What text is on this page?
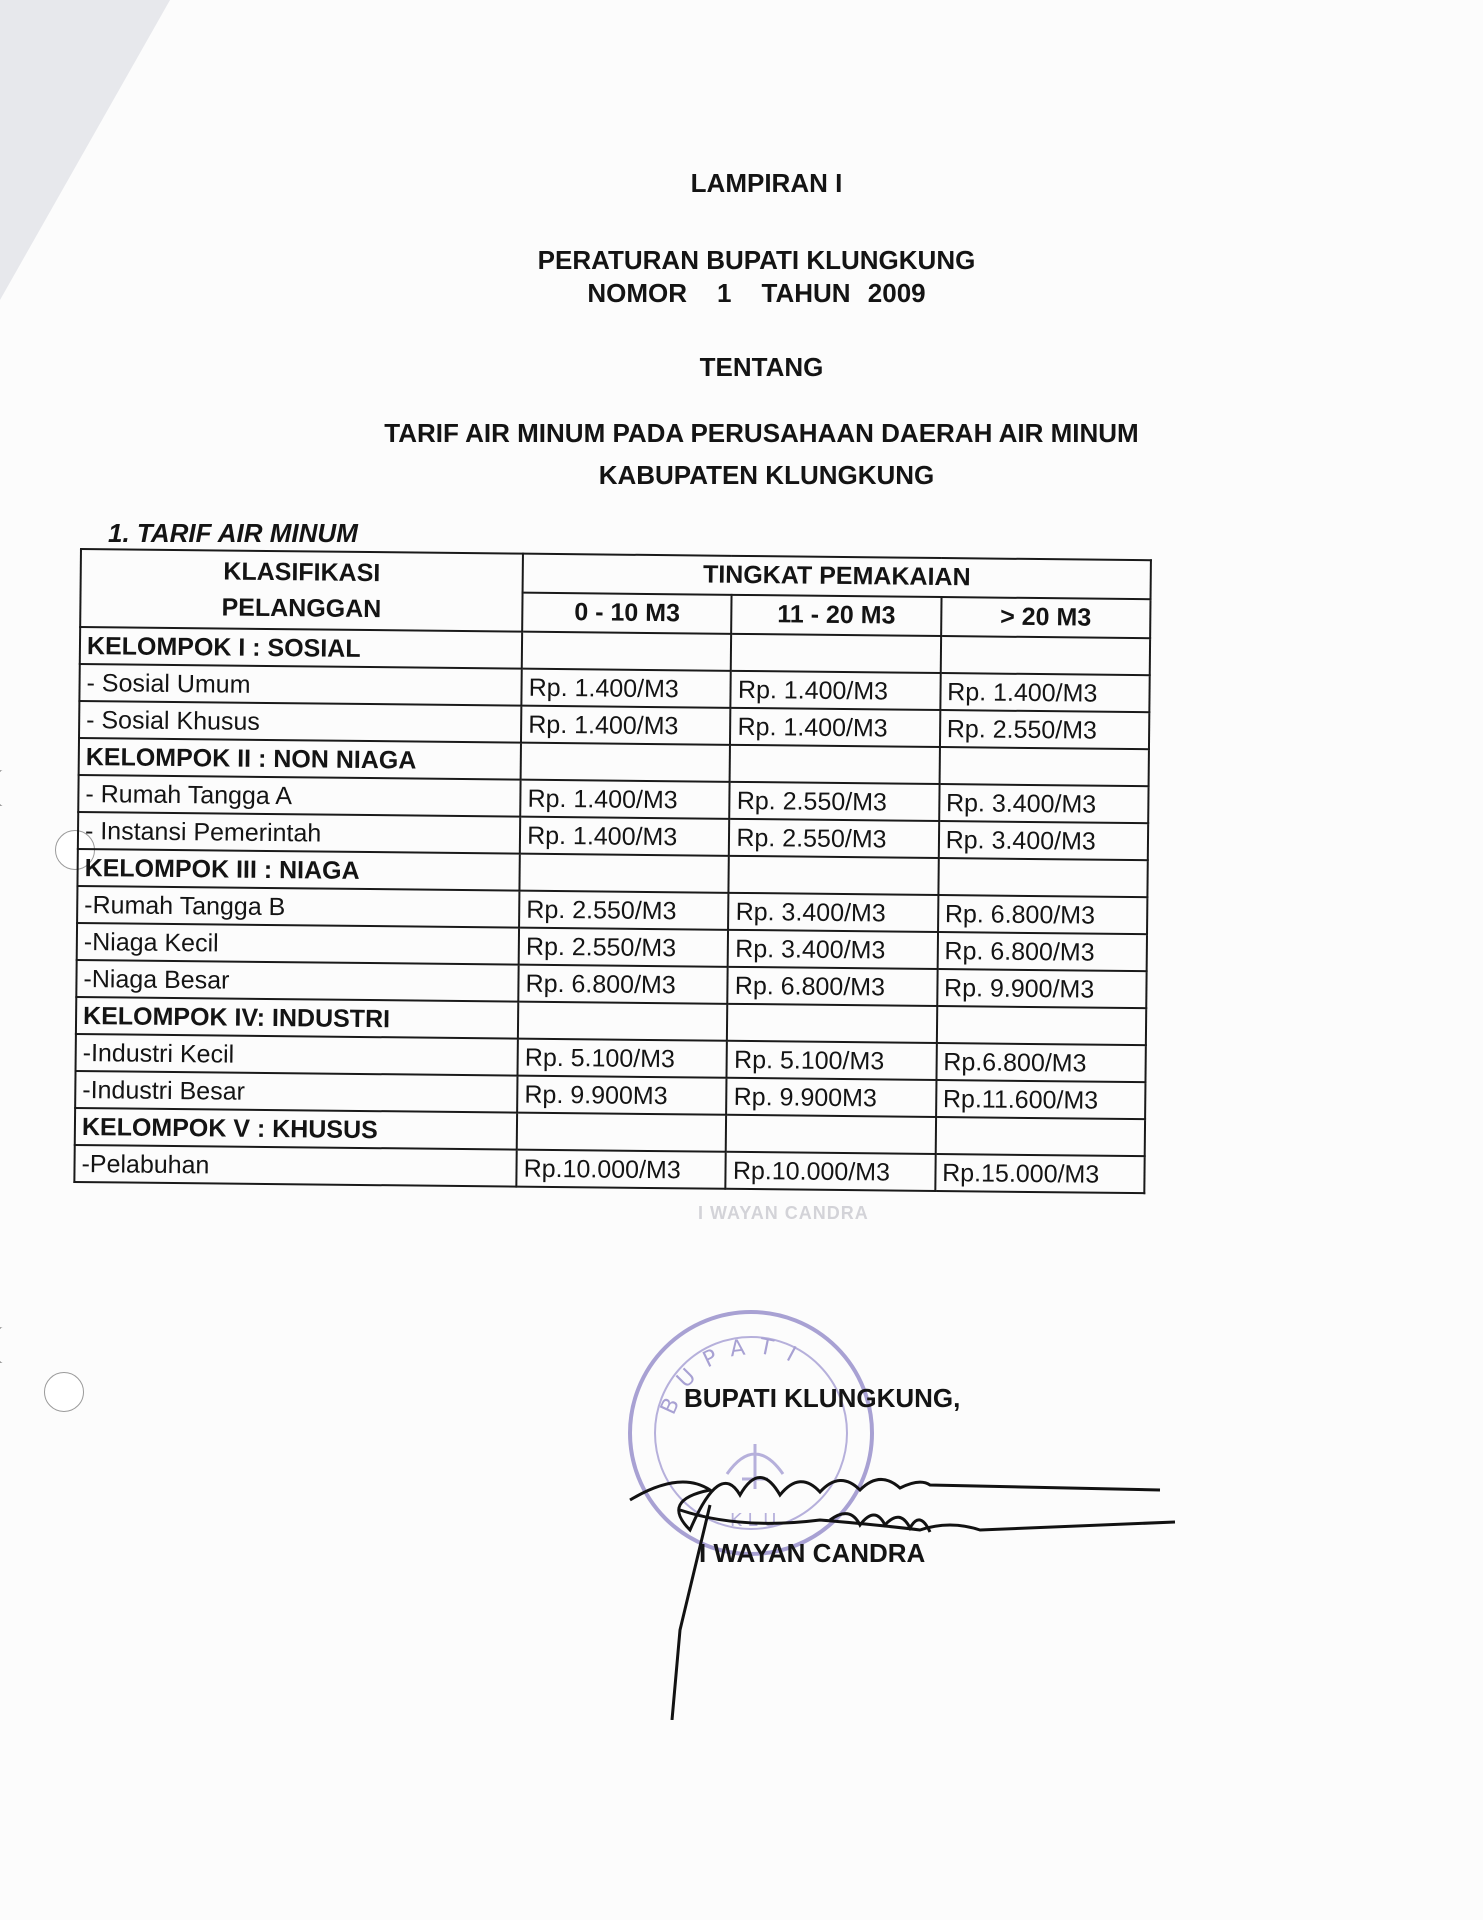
LAMPIRAN I
PERATURAN BUPATI KLUNGKUNG
NOMOR 1 TAHUN 2009
TENTANG
TARIF AIR MINUM PADA PERUSAHAAN DAERAH AIR MINUM
KABUPATEN KLUNGKUNG
1. TARIF AIR MINUM
KLASIFIKASI
PELANGGAN	TINGKAT PEMAKAIAN		
	0 - 10 M3	11 - 20 M3	> 20 M3
KELOMPOK I : SOSIAL			
- Sosial Umum	Rp. 1.400/M3	Rp. 1.400/M3	Rp. 1.400/M3
- Sosial Khusus	Rp. 1.400/M3	Rp. 1.400/M3	Rp. 2.550/M3
KELOMPOK II : NON NIAGA			
- Rumah Tangga A	Rp. 1.400/M3	Rp. 2.550/M3	Rp. 3.400/M3
- Instansi Pemerintah	Rp. 1.400/M3	Rp. 2.550/M3	Rp. 3.400/M3
KELOMPOK III : NIAGA			
-Rumah Tangga B	Rp. 2.550/M3	Rp. 3.400/M3	Rp. 6.800/M3
-Niaga Kecil	Rp. 2.550/M3	Rp. 3.400/M3	Rp. 6.800/M3
-Niaga Besar	Rp. 6.800/M3	Rp. 6.800/M3	Rp. 9.900/M3
KELOMPOK IV: INDUSTRI			
-Industri Kecil	Rp. 5.100/M3	Rp. 5.100/M3	Rp.6.800/M3
-Industri Besar	Rp. 9.900M3	Rp. 9.900M3	Rp.11.600/M3
KELOMPOK V : KHUSUS			
-Pelabuhan	Rp.10.000/M3	Rp.10.000/M3	Rp.15.000/M3
I WAYAN CANDRA
BUPATI
K L U
BUPATI KLUNGKUNG,
I WAYAN CANDRA
